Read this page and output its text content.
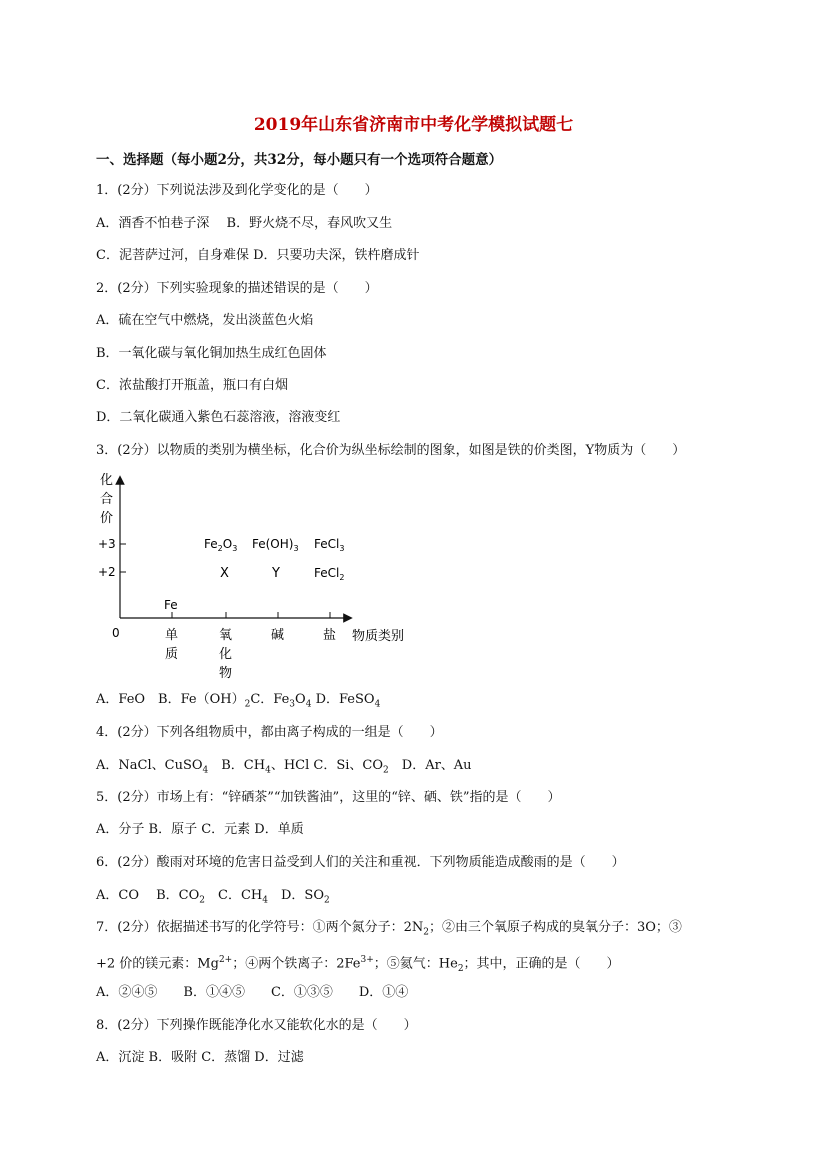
2019年山东省济南市中考化学模拟试题七
一、选择题（每小题2分，共32分，每小题只有一个选项符合题意）
1．(2分）下列说法涉及到化学变化的是（　　）
A．酒香不怕巷子深　 B．野火烧不尽，春风吹又生
C．泥菩萨过河，自身难保 D．只要功夫深，铁杵磨成针
2．(2分）下列实验现象的描述错误的是（　　）
A．硫在空气中燃烧，发出淡蓝色火焰
B．一氧化碳与氧化铜加热生成红色固体
C．浓盐酸打开瓶盖，瓶口有白烟
D．二氧化碳通入紫色石蕊溶液，溶液变红
3．(2分）以物质的类别为横坐标，化合价为纵坐标绘制的图象，如图是铁的价类图，Y物质为（　　）
化
合
价
+3
+2
0	单
质
氧
化
物
碱	盐 物质类别
Fe
$Fe_2O_3$ $Fe(OH)_3$ FeCl$_3$
X	Y	FeCl$_2$
A．FeO　B．$Fe(OH)_2C$．$Fe_3O_4$ D．FeSO$_4$
4．(2分）下列各组物质中，都由离子构成的一组是（　　）
A．NaCl、CuSO$_4$　B．$CH_4$、HCl C．Si、$CO_2$　D．Ar、Au
5．(2分）市场上有：“锌硒茶”“加铁酱油”，这里的“锌、硒、铁”指的是（　　）
A．分子 B．原子 C．元素 D．单质
6．(2分）酸雨对环境的危害日益受到人们的关注和重视．下列物质能造成酸雨的是（　　）
A．CO　 B．$CO_2$　C．$CH_4$　D．$SO_2$
7．(2分）依据描述书写的化学符号：①两个氮分子：$2N_2$；②由三个氧原子构成的臭氧分子：3O；③
+2 价的镁元素：$Mg^{2+}$；④两个铁离子：$2Fe^{3+}$；⑤氦气：$He_2$；其中，正确的是（　　）
A．②④⑤　　B．①④⑤　　C．①③⑤　　D．①④
8．(2分）下列操作既能净化水又能软化水的是（　　）
A．沉淀 B．吸附 C．蒸馏 D．过滤
